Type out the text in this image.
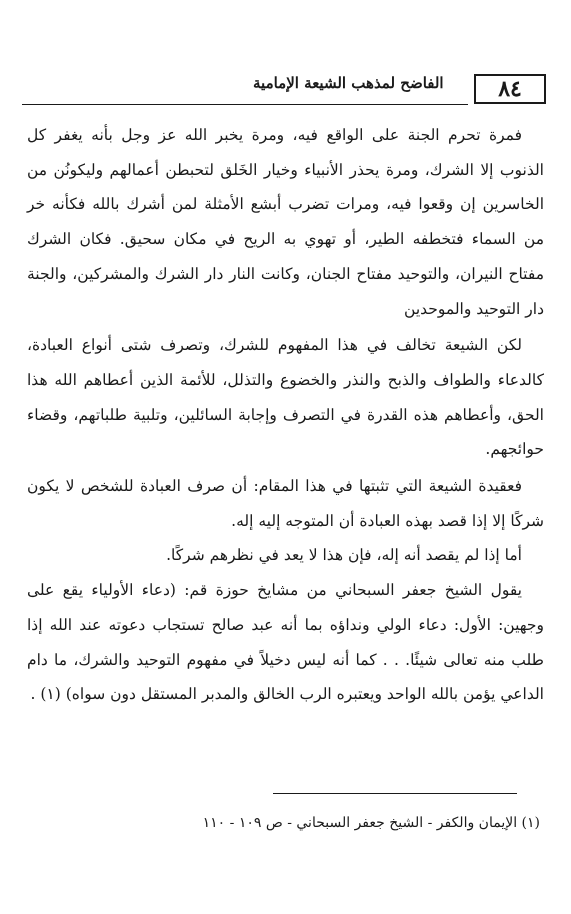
٨٤
الفاضح لمذهب الشيعة الإمامية

فمرة تحرم الجنة على الواقع فيه، ومرة يخبر الله عز وجل بأنه يغفر كل الذنوب إلا الشرك، ومرة يحذر الأنبياء وخيار الخَلق لتحبطن أعمالهم وليكونُن من الخاسرين إن وقعوا فيه، ومرات تضرب أبشع الأمثلة لمن أشرك بالله فكأنه خر من السماء فتخطفه الطير، أو تهوي به الريح في مكان سحيق. فكان الشرك مفتاح النيران، والتوحيد مفتاح الجنان، وكانت النار دار الشرك والمشركين، والجنة دار التوحيد والموحدين

لكن الشيعة تخالف في هذا المفهوم للشرك، وتصرف شتى أنواع العبادة، كالدعاء والطواف والذبح والنذر والخضوع والتذلل، للأئمة الذين أعطاهم الله هذا الحق، وأعطاهم هذه القدرة في التصرف وإجابة السائلين، وتلبية طلباتهم، وقضاء حوائجهم.

فعقيدة الشيعة التي تثبتها في هذا المقام: أن صرف العبادة للشخص لا يكون شركًا إلا إذا قصد بهذه العبادة أن المتوجه إليه إله.

أما إذا لم يقصد أنه إله، فإن هذا لا يعد في نظرهم شركًا.

يقول الشيخ جعفر السبحاني من مشايخ حوزة قم: (دعاء الأولياء يقع على وجهين: الأول: دعاء الولي ونداؤه بما أنه عبد صالح تستجاب دعوته عند الله إذا طلب منه تعالى شيئًا. . . كما أنه ليس دخيلاً في مفهوم التوحيد والشرك، ما دام الداعي يؤمن بالله الواحد ويعتبره الرب الخالق والمدبر المستقل دون سواه) (١) .

(١) الإيمان والكفر - الشيخ جعفر السبحاني - ص ١٠٩ - ١١٠
